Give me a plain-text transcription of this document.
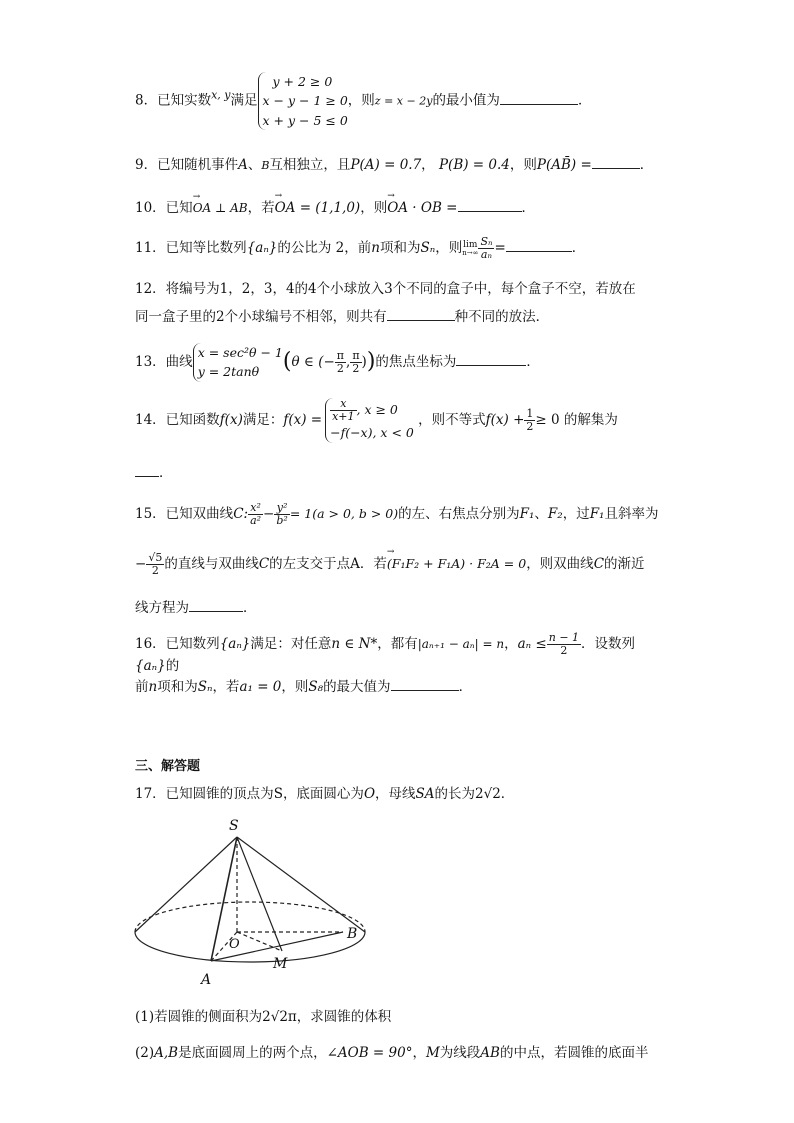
8．已知实数$^{x, y}$满足
y + 2 ≥ 0
x − y − 1 ≥ 0
x + y − 5 ≤ 0
，则z = x − 2y的最小值为	．
9．已知随机事件A、B互相独立，且P(A) = 0.7， P(B) = 0.4，则P(AB̄) =	．
10．已知→ OA ⊥ AB，若→ OA = (1,1,0)，则→ OA · OB =	．
11．已知等比数列{aₙ}的公比为 2，前n项和为Sₙ，则 lim
$n\to\infty \frac{\text{Sₙ}}{\text{aₙ}}$ =	．
12．将编号为1，2，3，4的4个小球放入3个不同的盒子中，每个盒子不空，若放在
同一盒子里的2个小球编号不相邻，则共有	种不同的放法．
13．曲线
x = sec²θ − 1
y = 2tanθ	(θ ∈ (− $\frac{\pi}{2}$ , $\frac{\pi}{2}$ ))的焦点坐标为	．
14．已知函数f(x)满足：$f(x) = \frac{x}{x+1}$ , x ≥ 0
−f(−x), x < 0
，则不等式$f(x) + \frac{1}{2} \ge 0$ 的解集为
．
15．已知双曲线C: $\frac{\text{x²}}{\text{a²}} - \frac{\text{y²}}{\text{b²}} = 1(a > 0$, b > 0)的左、右焦点分别为F₁、F₂，过F₁且斜率为
− $\frac{√5}{2}$ 的直线与双曲线C的左支交于点A．若→ (F₁F₂ + F₁A) · F₂A = 0，则双曲线C的渐近
线方程为	．
16．已知数列{aₙ}满足：对任意n ∈ N*，都有|aₙ₊₁ − aₙ| = n，$a_n \le \frac{n - 1}{2}$ ．设数列{aₙ}的
前n项和为Sₙ，若a₁ = 0，则S₈的最大值为	．
三、解答题
17．已知圆锥的顶点为S，底面圆心为O，母线SA的长为2√2．
S
O
A
B
M
(1)若圆锥的侧面积为2√2π，求圆锥的体积
(2)A,B是底面圆周上的两个点，∠AOB = 90°，M为线段AB的中点，若圆锥的底面半
